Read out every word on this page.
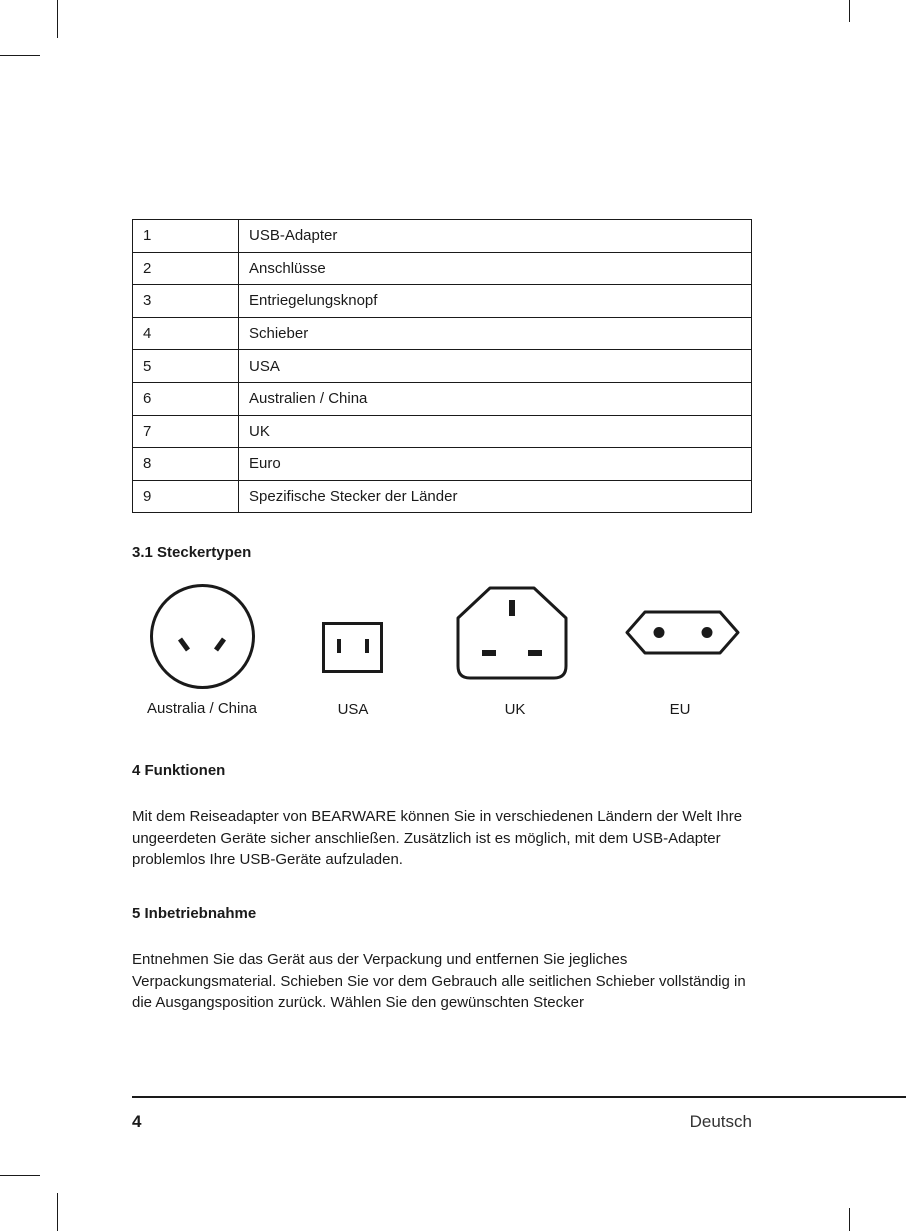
1	USB-Adapter
2	Anschlüsse
3	Entriegelungsknopf
4	Schieber
5	USA
6	Australien / China
7	UK
8	Euro
9	Spezifische Stecker der Länder
3.1 Steckertypen
Australia / China	USA	UK	EU
4 Funktionen

Mit dem Reiseadapter von BEARWARE können Sie in verschiedenen Ländern der Welt Ihre ungeerdeten Geräte sicher anschließen. Zusätzlich ist es möglich, mit dem USB-Adapter problemlos Ihre USB-Geräte aufzuladen.

5 Inbetriebnahme

Entnehmen Sie das Gerät aus der Verpackung und entfernen Sie jegliches Verpackungsmaterial. Schieben Sie vor dem Gebrauch alle seitlichen Schieber vollständig in die Ausgangsposition zurück. Wählen Sie den gewünschten Stecker

4	Deutsch
